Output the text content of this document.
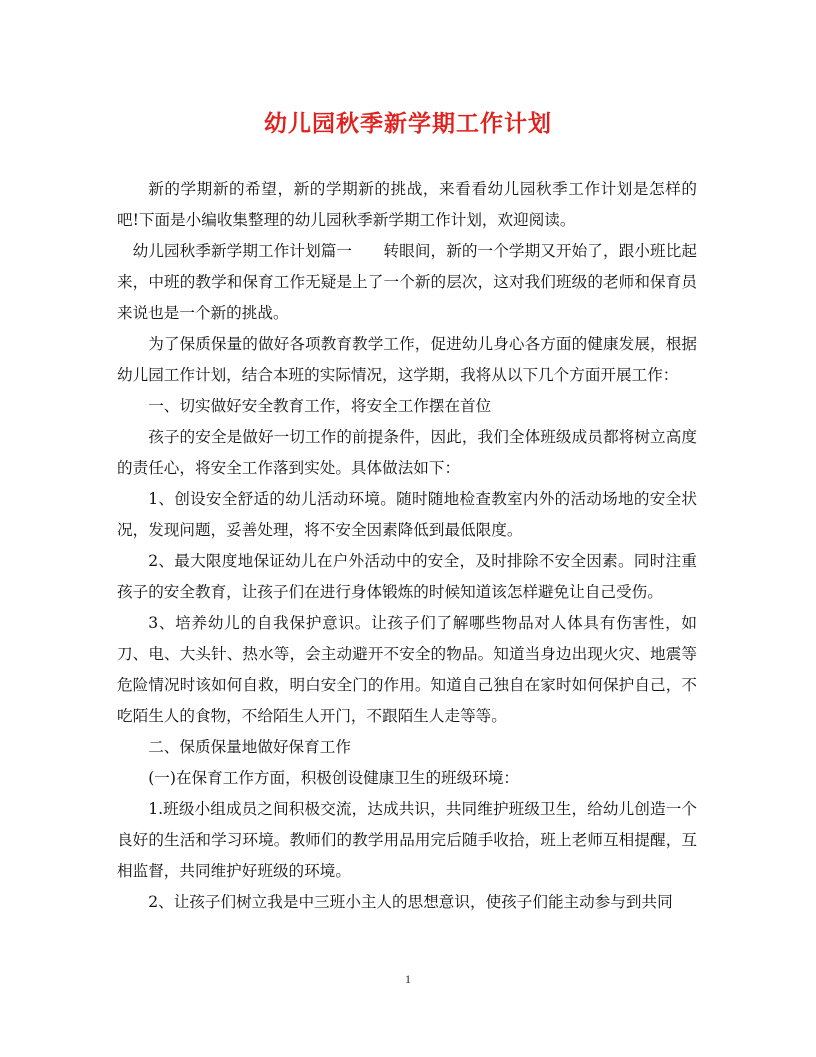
幼儿园秋季新学期工作计划

新的学期新的希望，新的学期新的挑战，来看看幼儿园秋季工作计划是怎样的吧!下面是小编收集整理的幼儿园秋季新学期工作计划，欢迎阅读。

幼儿园秋季新学期工作计划篇一　　转眼间，新的一个学期又开始了，跟小班比起来，中班的教学和保育工作无疑是上了一个新的层次，这对我们班级的老师和保育员来说也是一个新的挑战。

为了保质保量的做好各项教育教学工作，促进幼儿身心各方面的健康发展，根据幼儿园工作计划，结合本班的实际情况，这学期，我将从以下几个方面开展工作：

一、切实做好安全教育工作，将安全工作摆在首位

孩子的安全是做好一切工作的前提条件，因此，我们全体班级成员都将树立高度的责任心，将安全工作落到实处。具体做法如下：

1、创设安全舒适的幼儿活动环境。随时随地检查教室内外的活动场地的安全状况，发现问题，妥善处理，将不安全因素降低到最低限度。

2、最大限度地保证幼儿在户外活动中的安全，及时排除不安全因素。同时注重孩子的安全教育，让孩子们在进行身体锻炼的时候知道该怎样避免让自己受伤。

3、培养幼儿的自我保护意识。让孩子们了解哪些物品对人体具有伤害性，如刀、电、大头针、热水等，会主动避开不安全的物品。知道当身边出现火灾、地震等危险情况时该如何自救，明白安全门的作用。知道自己独自在家时如何保护自己，不吃陌生人的食物，不给陌生人开门，不跟陌生人走等等。

二、保质保量地做好保育工作

(一)在保育工作方面，积极创设健康卫生的班级环境：

1.班级小组成员之间积极交流，达成共识，共同维护班级卫生，给幼儿创造一个良好的生活和学习环境。教师们的教学用品用完后随手收拾，班上老师互相提醒，互相监督，共同维护好班级的环境。

2、让孩子们树立我是中三班小主人的思想意识，使孩子们能主动参与到共同

1
